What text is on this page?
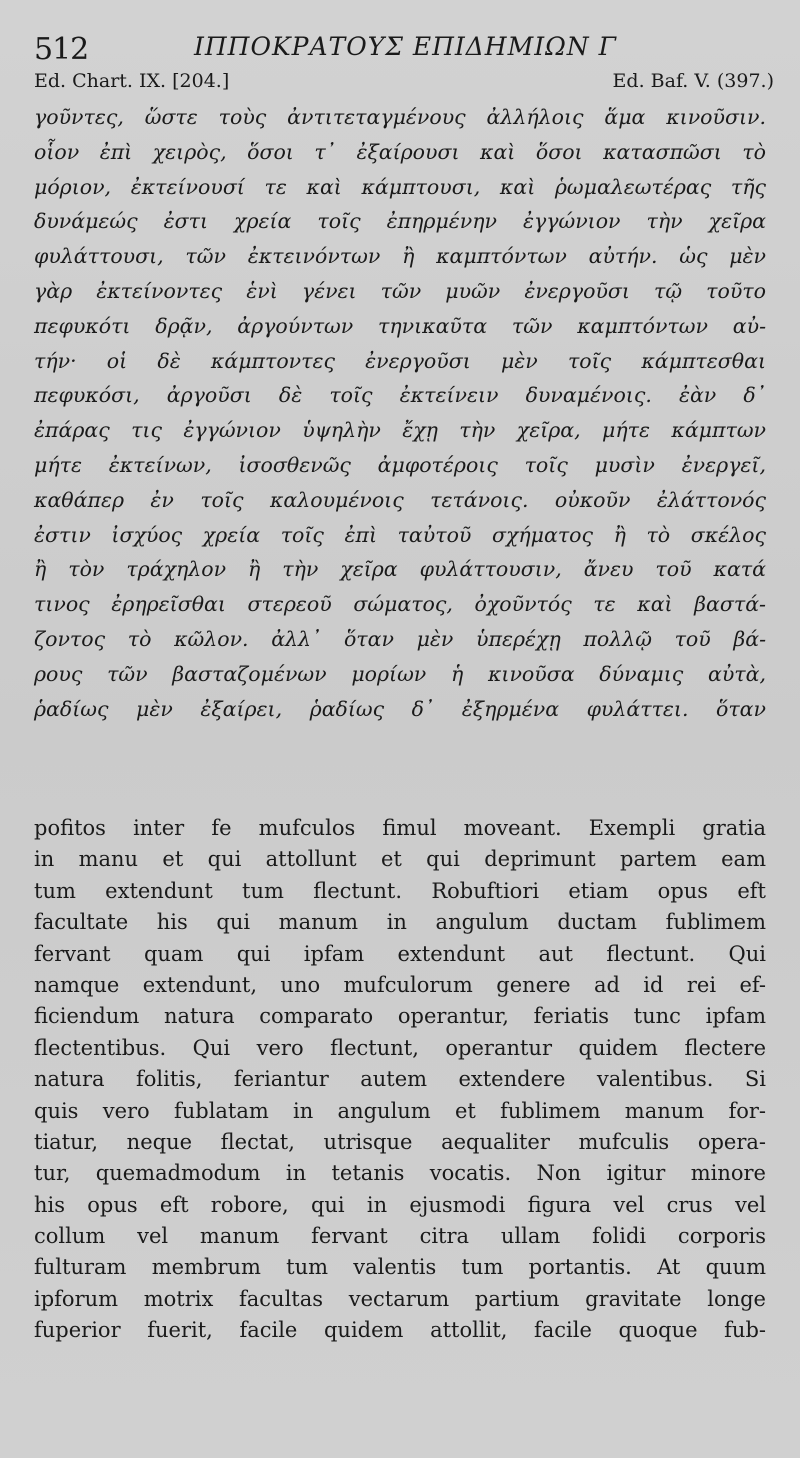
512	ΙΠΠΟΚΡΑΤΟΥΣ ΕΠΙΔΗΜΙΩΝ Γ
Ed. Chart. IX. [204.]	Ed. Baf. V. (397.)
γοῦντες, ὥστε τοὺς ἀντιτεταγμένους ἀλλήλοις ἅμα κινοῦσιν.
οἷον ἐπὶ χειρὸς, ὅσοι τ᾿ ἐξαίρουσι καὶ ὅσοι κατασπῶσι τὸ
μόριον, ἐκτείνουσί τε καὶ κάμπτουσι, καὶ ῥωμαλεωτέρας τῆς
δυνάμεώς ἐστι χρεία τοῖς ἐπηρμένην ἐγγώνιον τὴν χεῖρα
φυλάττουσι, τῶν ἐκτεινόντων ἢ καμπτόντων αὐτήν. ὡς μὲν
γὰρ ἐκτείνοντες ἑνὶ γένει τῶν μυῶν ἐνεργοῦσι τῷ τοῦτο
πεφυκότι δρᾷν, ἀργούντων τηνικαῦτα τῶν καμπτόντων αὐ-
τήν· οἱ δὲ κάμπτοντες ἐνεργοῦσι μὲν τοῖς κάμπτεσθαι
πεφυκόσι, ἀργοῦσι δὲ τοῖς ἐκτείνειν δυναμένοις. ἐὰν δ᾿
ἐπάρας τις ἐγγώνιον ὑψηλὴν ἔχῃ τὴν χεῖρα, μήτε κάμπτων
μήτε ἐκτείνων, ἰσοσθενῶς ἀμφοτέροις τοῖς μυσὶν ἐνεργεῖ,
καθάπερ ἐν τοῖς καλουμένοις τετάνοις. οὐκοῦν ἐλάττονός
ἐστιν ἰσχύος χρεία τοῖς ἐπὶ ταὐτοῦ σχήματος ἢ τὸ σκέλος
ἢ τὸν τράχηλον ἢ τὴν χεῖρα φυλάττουσιν, ἄνευ τοῦ κατά
τινος ἐρηρεῖσθαι στερεοῦ σώματος, ὀχοῦντός τε καὶ βαστά-
ζοντος τὸ κῶλον. ἀλλ᾿ ὅταν μὲν ὑπερέχῃ πολλῷ τοῦ βά-
ρους τῶν βασταζομένων μορίων ἡ κινοῦσα δύναμις αὐτὰ,
ῥαδίως μὲν ἐξαίρει, ῥαδίως δ᾿ ἐξηρμένα φυλάττει. ὅταν
pofitos inter fe mufculos fimul moveant. Exempli gratia
in manu et qui attollunt et qui deprimunt partem eam
tum extendunt tum flectunt. Robuftiori etiam opus eft
facultate his qui manum in angulum ductam fublimem
fervant quam qui ipfam extendunt aut flectunt. Qui
namque extendunt, uno mufculorum genere ad id rei ef-
ficiendum natura comparato operantur, feriatis tunc ipfam
flectentibus. Qui vero flectunt, operantur quidem flectere
natura folitis, feriantur autem extendere valentibus. Si
quis vero fublatam in angulum et fublimem manum for-
tiatur, neque flectat, utrisque aequaliter mufculis opera-
tur, quemadmodum in tetanis vocatis. Non igitur minore
his opus eft robore, qui in ejusmodi figura vel crus vel
collum vel manum fervant citra ullam folidi corporis
fulturam membrum tum valentis tum portantis. At quum
ipforum motrix facultas vectarum partium gravitate longe
fuperior fuerit, facile quidem attollit, facile quoque fub-
